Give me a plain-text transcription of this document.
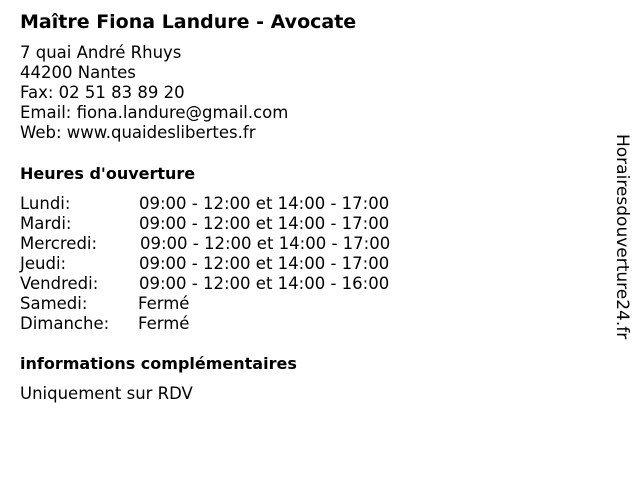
Maître Fiona Landure - Avocate
7 quai André Rhuys
44200 Nantes
Fax: 02 51 83 89 20
Email: fiona.landure@gmail.com
Web: www.quaideslibertes.fr
Heures d'ouverture
Lundi:	09:00 - 12:00 et 14:00 - 17:00
Mardi:	09:00 - 12:00 et 14:00 - 17:00
Mercredi:	09:00 - 12:00 et 14:00 - 17:00
Jeudi:	09:00 - 12:00 et 14:00 - 17:00
Vendredi: 09:00 - 12:00 et 14:00 - 16:00
Samedi:	Fermé
Dimanche: Fermé
informations complémentaires
Uniquement sur RDV
Horairesdouverture24.fr
